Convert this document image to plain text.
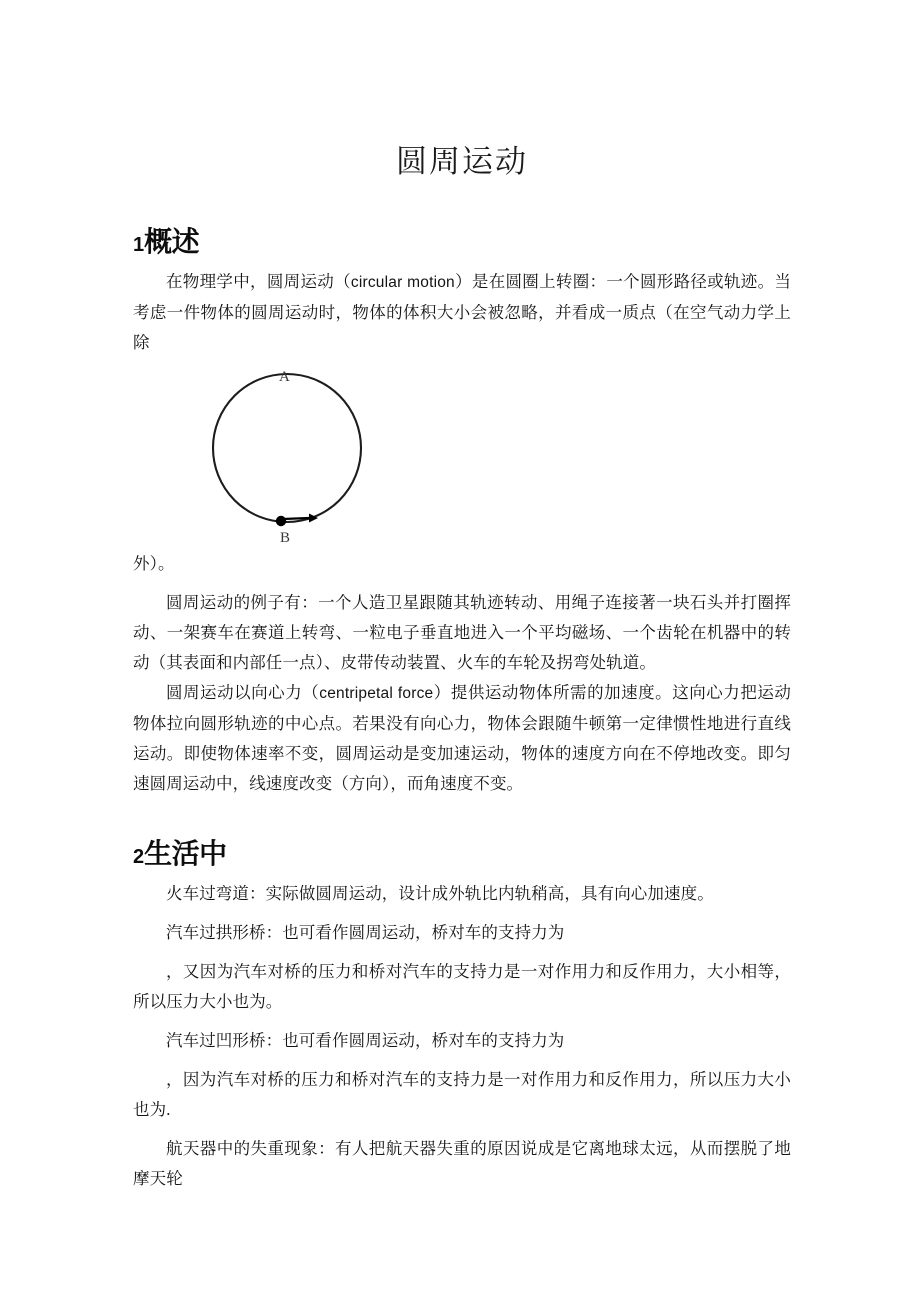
圆周运动
1概述

在物理学中，圆周运动（circular motion）是在圆圈上转圈：一个圆形路径或轨迹。当考虑一件物体的圆周运动时，物体的体积大小会被忽略，并看成一质点（在空气动力学上除

A
B

外）。

圆周运动的例子有：一个人造卫星跟随其轨迹转动、用绳子连接著一块石头并打圈挥动、一架赛车在赛道上转弯、一粒电子垂直地进入一个平均磁场、一个齿轮在机器中的转动（其表面和内部任一点）、皮带传动装置、火车的车轮及拐弯处轨道。

圆周运动以向心力（centripetal force）提供运动物体所需的加速度。这向心力把运动物体拉向圆形轨迹的中心点。若果没有向心力，物体会跟随牛顿第一定律惯性地进行直线运动。即使物体速率不变，圆周运动是变加速运动，物体的速度方向在不停地改变。即匀速圆周运动中，线速度改变（方向），而角速度不变。

2生活中

火车过弯道：实际做圆周运动，设计成外轨比内轨稍高，具有向心加速度。

汽车过拱形桥：也可看作圆周运动，桥对车的支持力为

，又因为汽车对桥的压力和桥对汽车的支持力是一对作用力和反作用力，大小相等，所以压力大小也为。

汽车过凹形桥：也可看作圆周运动，桥对车的支持力为

，因为汽车对桥的压力和桥对汽车的支持力是一对作用力和反作用力，所以压力大小也为.

航天器中的失重现象：有人把航天器失重的原因说成是它离地球太远，从而摆脱了地摩天轮
